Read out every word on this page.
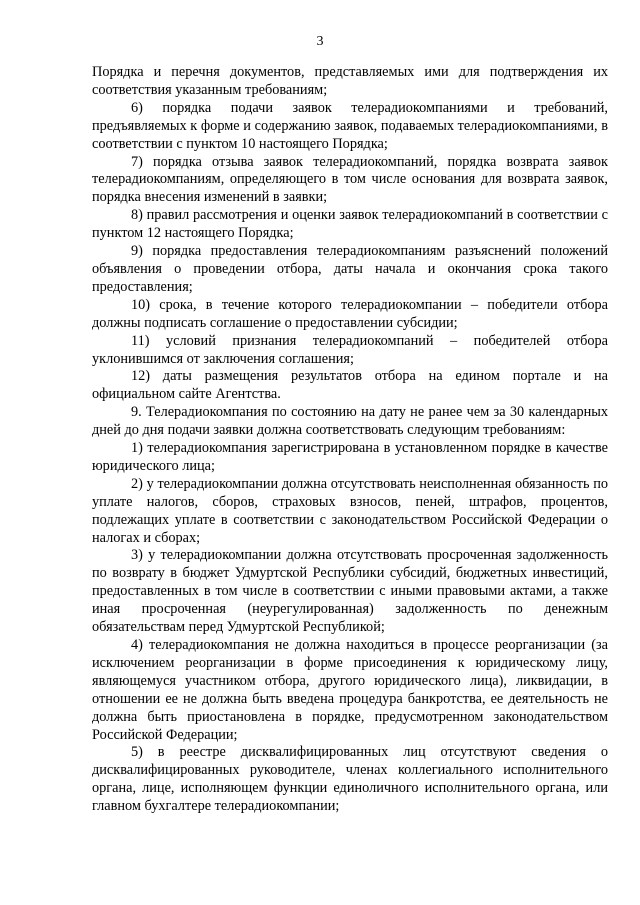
3

Порядка и перечня документов, представляемых ими для подтверждения их соответствия указанным требованиям;

6) порядка подачи заявок телерадиокомпаниями и требований, предъявляемых к форме и содержанию заявок, подаваемых телерадиокомпаниями, в соответствии с пунктом 10 настоящего Порядка;

7) порядка отзыва заявок телерадиокомпаний, порядка возврата заявок телерадиокомпаниям, определяющего в том числе основания для возврата заявок, порядка внесения изменений в заявки;

8) правил рассмотрения и оценки заявок телерадиокомпаний в соответствии с пунктом 12 настоящего Порядка;

9) порядка предоставления телерадиокомпаниям разъяснений положений объявления о проведении отбора, даты начала и окончания срока такого предоставления;

10) срока, в течение которого телерадиокомпании – победители отбора должны подписать соглашение о предоставлении субсидии;

11) условий признания телерадиокомпаний – победителей отбора уклонившимся от заключения соглашения;

12) даты размещения результатов отбора на едином портале и на официальном сайте Агентства.

9. Телерадиокомпания по состоянию на дату не ранее чем за 30 календарных дней до дня подачи заявки должна соответствовать следующим требованиям:

1) телерадиокомпания зарегистрирована в установленном порядке в качестве юридического лица;

2) у телерадиокомпании должна отсутствовать неисполненная обязанность по уплате налогов, сборов, страховых взносов, пеней, штрафов, процентов, подлежащих уплате в соответствии с законодательством Российской Федерации о налогах и сборах;

3) у телерадиокомпании должна отсутствовать просроченная задолженность по возврату в бюджет Удмуртской Республики субсидий, бюджетных инвестиций, предоставленных в том числе в соответствии с иными правовыми актами, а также иная просроченная (неурегулированная) задолженность по денежным обязательствам перед Удмуртской Республикой;

4) телерадиокомпания не должна находиться в процессе реорганизации (за исключением реорганизации в форме присоединения к юридическому лицу, являющемуся участником отбора, другого юридического лица), ликвидации, в отношении ее не должна быть введена процедура банкротства, ее деятельность не должна быть приостановлена в порядке, предусмотренном законодательством Российской Федерации;

5) в реестре дисквалифицированных лиц отсутствуют сведения о дисквалифицированных руководителе, членах коллегиального исполнительного органа, лице, исполняющем функции единоличного исполнительного органа, или главном бухгалтере телерадиокомпании;
